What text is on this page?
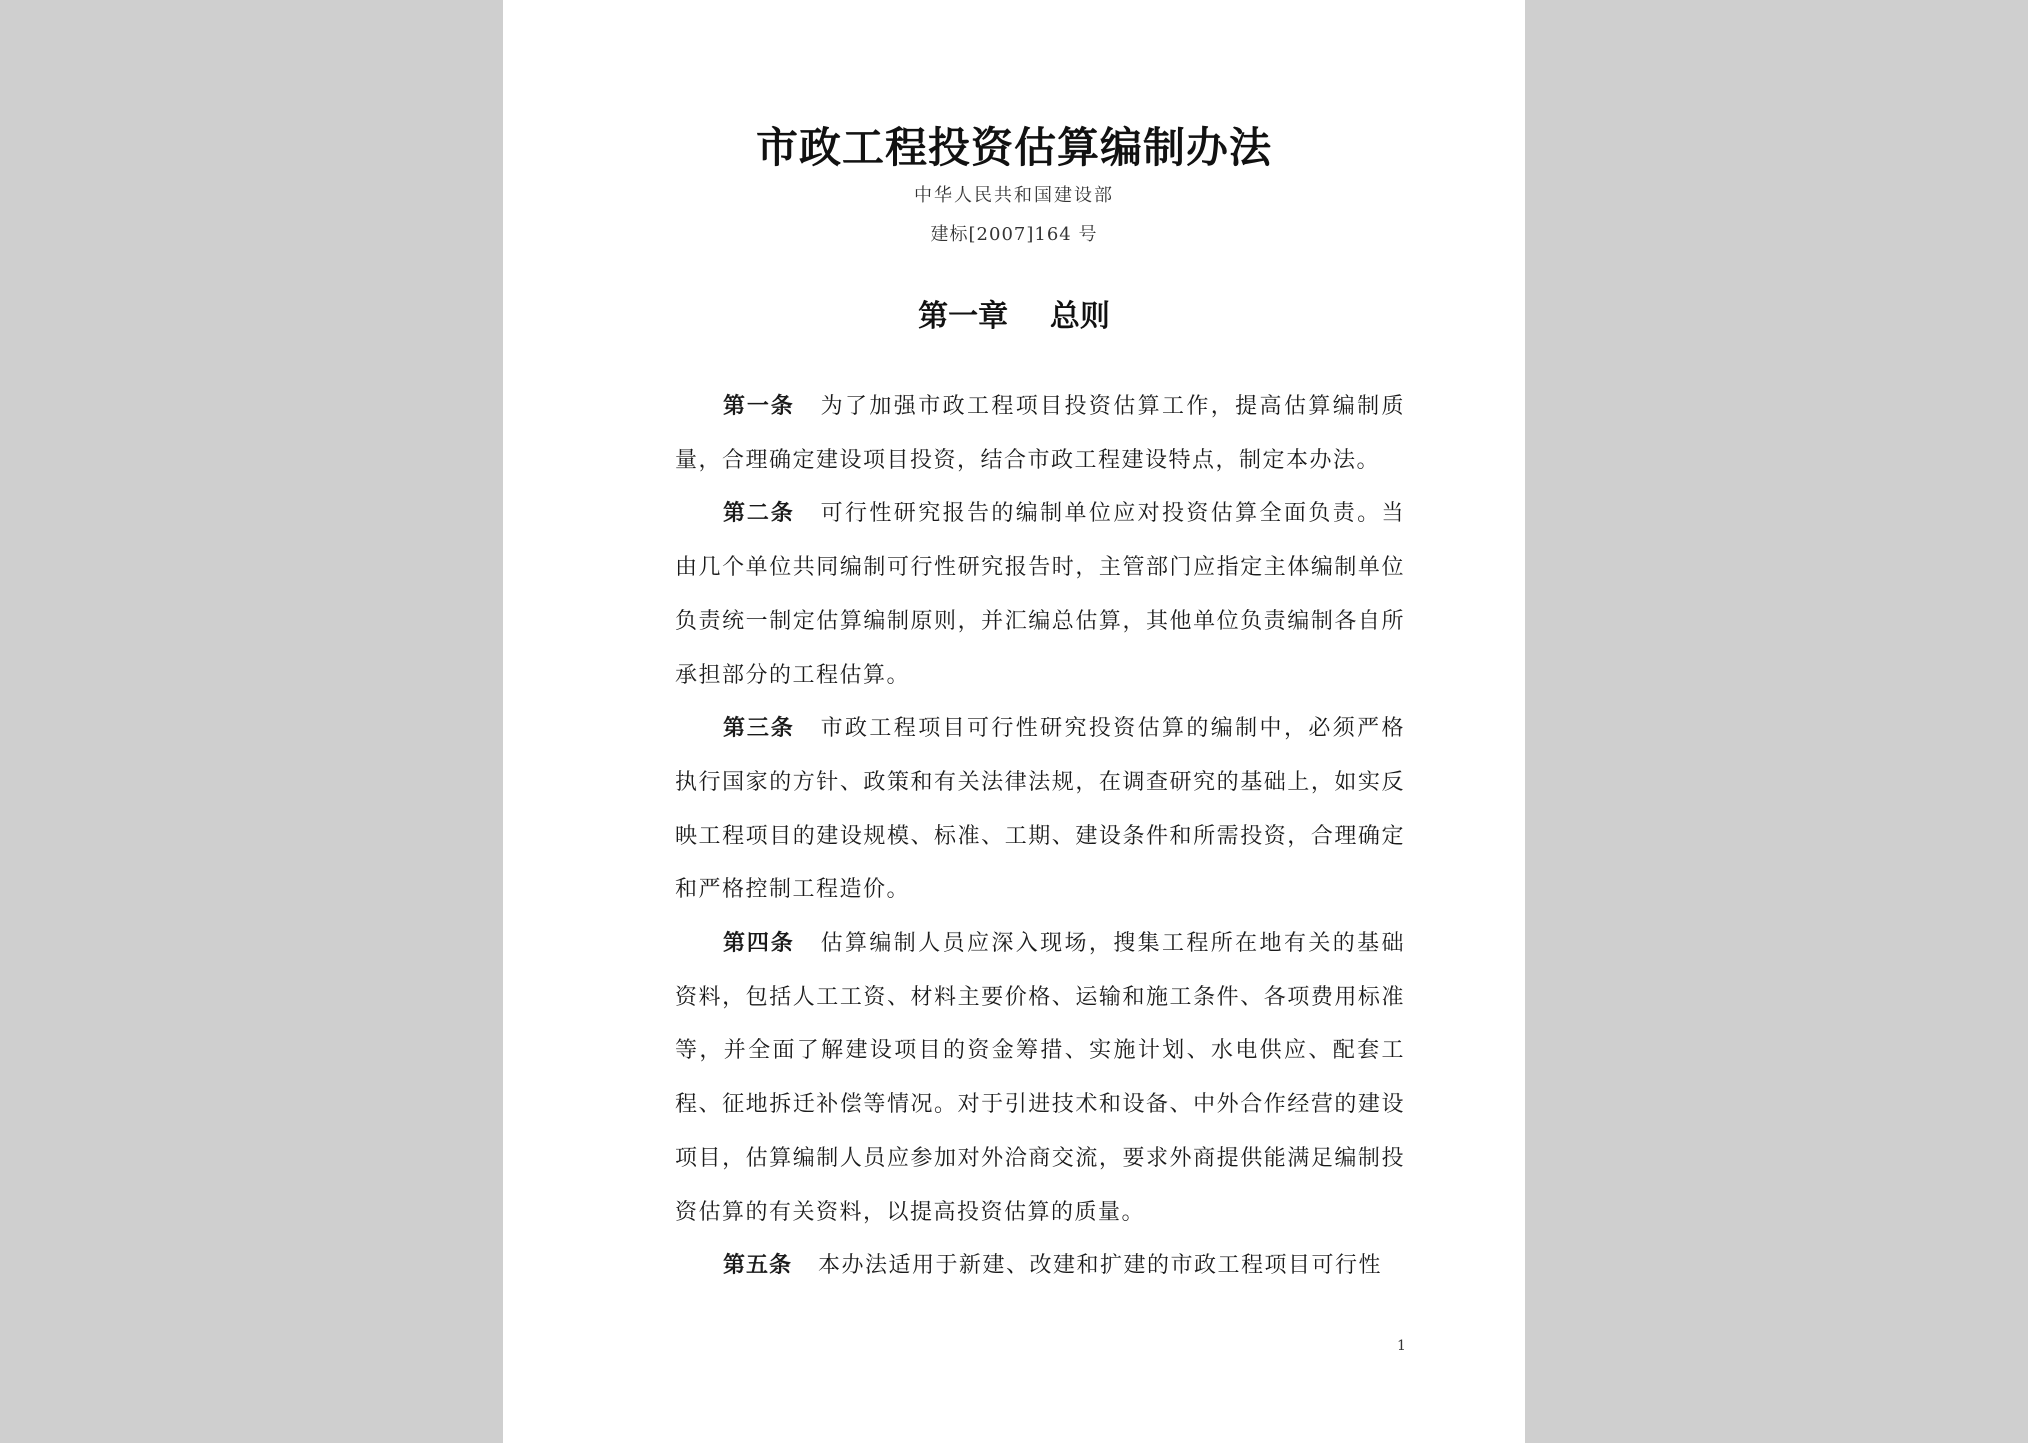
市政工程投资估算编制办法
中华人民共和国建设部
建标[2007]164 号
第一章    总则

第一条 为了加强市政工程项目投资估算工作，提高估算编制质量，合理确定建设项目投资，结合市政工程建设特点，制定本办法。

第二条 可行性研究报告的编制单位应对投资估算全面负责。当由几个单位共同编制可行性研究报告时，主管部门应指定主体编制单位负责统一制定估算编制原则，并汇编总估算，其他单位负责编制各自所承担部分的工程估算。

第三条 市政工程项目可行性研究投资估算的编制中，必须严格执行国家的方针、政策和有关法律法规，在调查研究的基础上，如实反映工程项目的建设规模、标准、工期、建设条件和所需投资，合理确定和严格控制工程造价。

第四条 估算编制人员应深入现场，搜集工程所在地有关的基础资料，包括人工工资、材料主要价格、运输和施工条件、各项费用标准等，并全面了解建设项目的资金筹措、实施计划、水电供应、配套工程、征地拆迁补偿等情况。对于引进技术和设备、中外合作经营的建设项目，估算编制人员应参加对外洽商交流，要求外商提供能满足编制投资估算的有关资料，以提高投资估算的质量。

第五条 本办法适用于新建、改建和扩建的市政工程项目可行性

1
